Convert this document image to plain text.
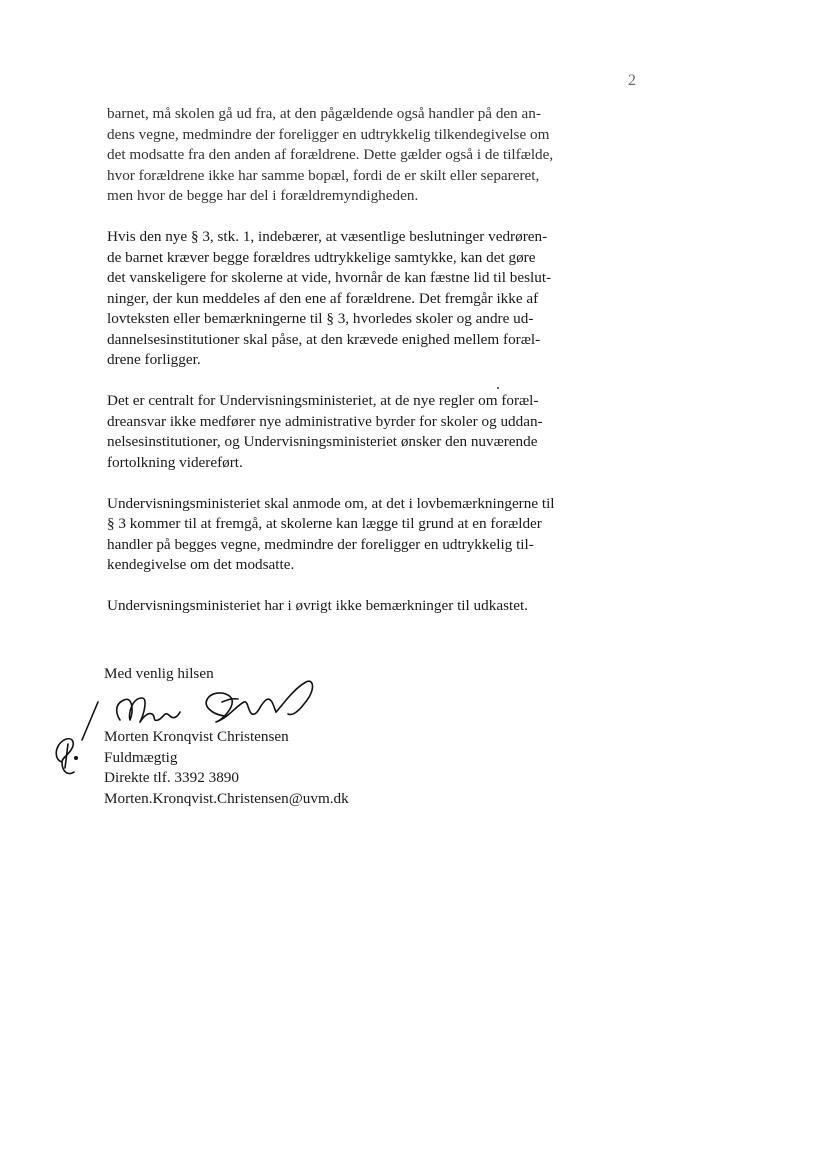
2

barnet, må skolen gå ud fra, at den pågældende også handler på den an-
dens vegne, medmindre der foreligger en udtrykkelig tilkendegivelse om
det modsatte fra den anden af forældrene. Dette gælder også i de tilfælde,
hvor forældrene ikke har samme bopæl, fordi de er skilt eller separeret,
men hvor de begge har del i forældremyndigheden.

Hvis den nye § 3, stk. 1, indebærer, at væsentlige beslutninger vedrøren-
de barnet kræver begge forældres udtrykkelige samtykke, kan det gøre
det vanskeligere for skolerne at vide, hvornår de kan fæstne lid til beslut-
ninger, der kun meddeles af den ene af forældrene. Det fremgår ikke af
lovteksten eller bemærkningerne til § 3, hvorledes skoler og andre ud-
dannelsesinstitutioner skal påse, at den krævede enighed mellem foræl-
drene forligger.

Det er centralt for Undervisningsministeriet, at de nye regler om foræl-
dreansvar ikke medfører nye administrative byrder for skoler og uddan-
nelsesinstitutioner, og Undervisningsministeriet ønsker den nuværende
fortolkning videreført.

Undervisningsministeriet skal anmode om, at det i lovbemærkningerne til
§ 3 kommer til at fremgå, at skolerne kan lægge til grund at en forælder
handler på begges vegne, medmindre der foreligger en udtrykkelig til-
kendegivelse om det modsatte.

Undervisningsministeriet har i øvrigt ikke bemærkninger til udkastet.

Med venlig hilsen

Morten Kronqvist Christensen
Fuldmægtig
Direkte tlf. 3392 3890
Morten.Kronqvist.Christensen@uvm.dk
